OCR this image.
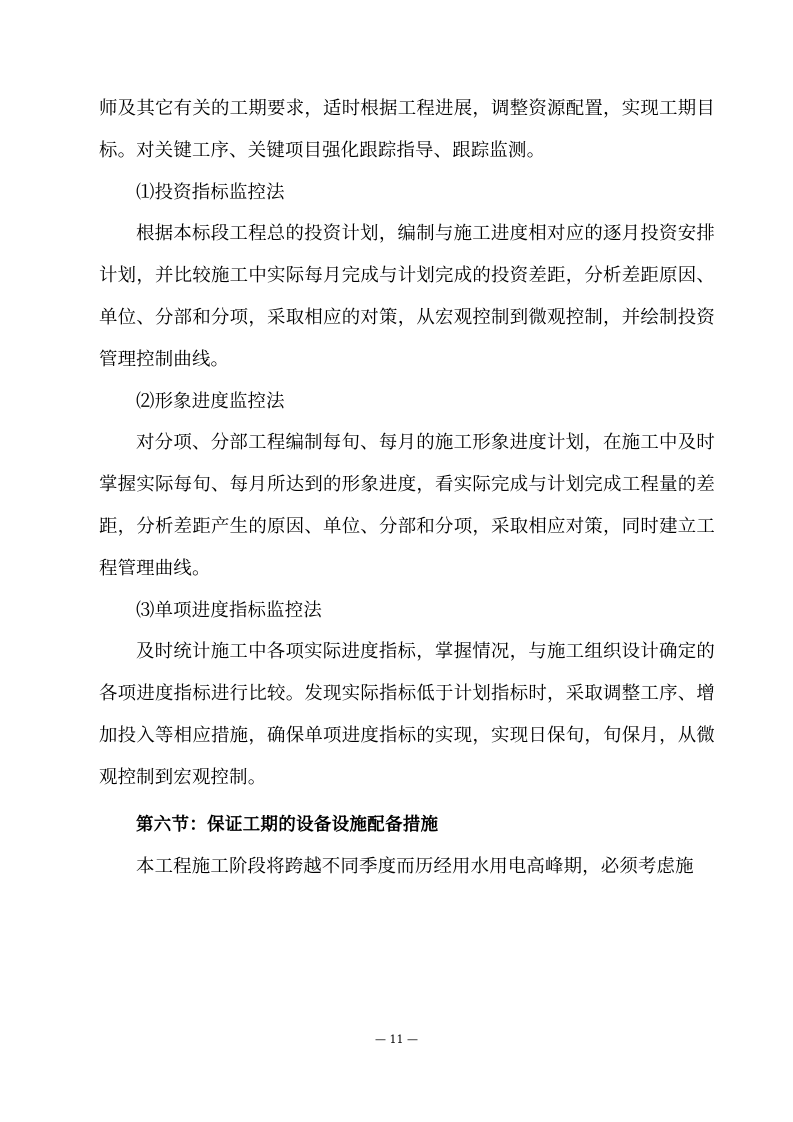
师及其它有关的工期要求，适时根据工程进展，调整资源配置，实现工期目标。对关键工序、关键项目强化跟踪指导、跟踪监测。

⑴投资指标监控法

根据本标段工程总的投资计划，编制与施工进度相对应的逐月投资安排计划，并比较施工中实际每月完成与计划完成的投资差距，分析差距原因、单位、分部和分项，采取相应的对策，从宏观控制到微观控制，并绘制投资管理控制曲线。

⑵形象进度监控法

对分项、分部工程编制每旬、每月的施工形象进度计划，在施工中及时掌握实际每旬、每月所达到的形象进度，看实际完成与计划完成工程量的差距，分析差距产生的原因、单位、分部和分项，采取相应对策，同时建立工程管理曲线。

⑶单项进度指标监控法

及时统计施工中各项实际进度指标，掌握情况，与施工组织设计确定的各项进度指标进行比较。发现实际指标低于计划指标时，采取调整工序、增加投入等相应措施，确保单项进度指标的实现，实现日保旬，旬保月，从微观控制到宏观控制。

第六节：保证工期的设备设施配备措施

本工程施工阶段将跨越不同季度而历经用水用电高峰期，必须考虑施

— 11 —
